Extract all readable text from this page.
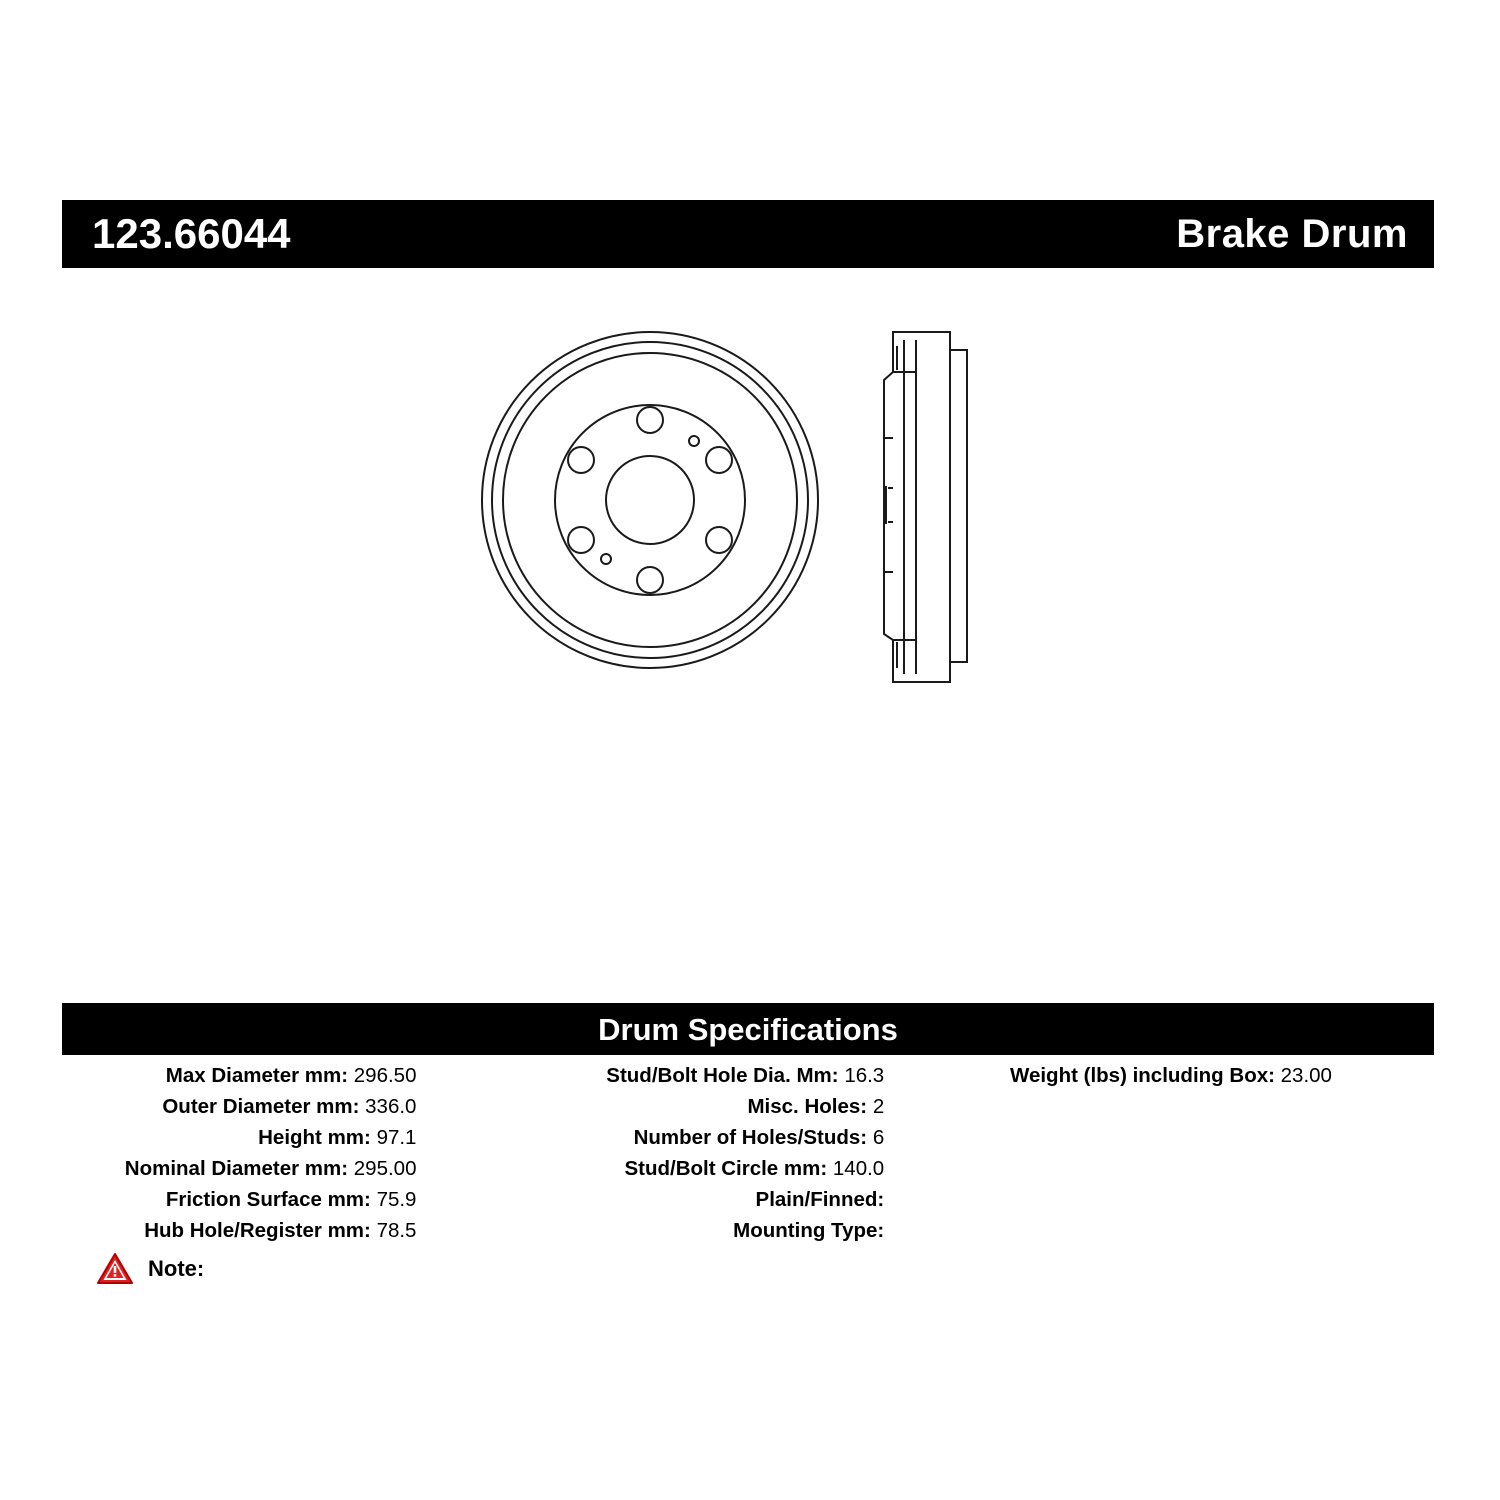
123.66044	Brake Drum
Drum Specifications
Max Diameter mm: 296.50
Outer Diameter mm: 336.0
Height mm: 97.1
Nominal Diameter mm: 295.00
Friction Surface mm: 75.9
Hub Hole/Register mm: 78.5
Stud/Bolt Hole Dia. Mm: 16.3
Misc. Holes: 2
Number of Holes/Studs: 6
Stud/Bolt Circle mm: 140.0
Plain/Finned:
Mounting Type:
Weight (lbs) including Box: 23.00
Note:
